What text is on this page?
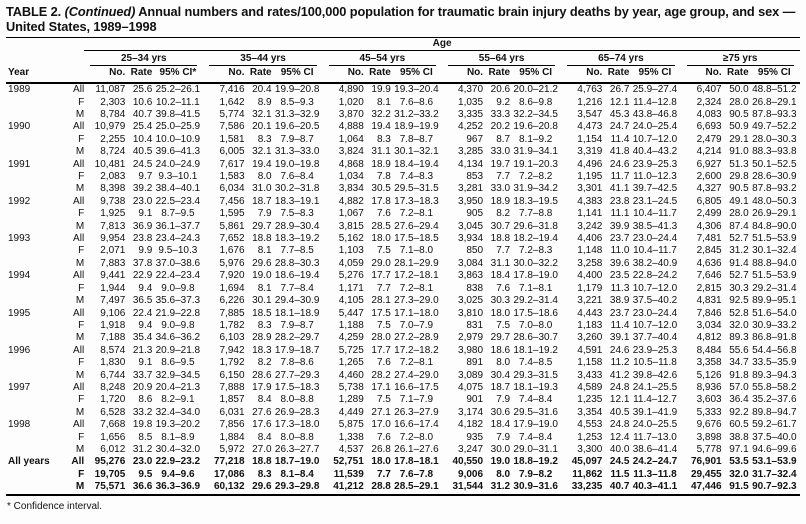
TABLE 2. (Continued) Annual numbers and rates/100,000 population for traumatic brain injury deaths by year, age group, and sex — United States, 1989–1998
		Age																	

		25–34 yrs			35–44 yrs			45–54 yrs			55–64 yrs			65–74 yrs			≥75 yrs		

Year		No.	Rate	95% CI*	No.	Rate	95% CI	No.	Rate	95% CI	No.	Rate	95% CI	No.	Rate	95% CI	No.	Rate	95% CI
1989	All	11,087	25.6	25.2–26.1	7,416	20.4	19.9–20.8	4,890	19.9	19.3–20.4	4,370	20.6	20.0–21.2	4,763	26.7	25.9–27.4	6,407	50.0	48.8–51.2
	F	2,303	10.6	10.2–11.1	1,642	8.9	8.5–9.3	1,020	8.1	7.6–8.6	1,035	9.2	8.6–9.8	1,216	12.1	11.4–12.8	2,324	28.0	26.8–29.1
	M	8,784	40.7	39.8–41.5	5,774	32.1	31.3–32.9	3,870	32.2	31.2–33.2	3,335	33.3	32.2–34.5	3,547	45.3	43.8–46.8	4,083	90.5	87.8–93.3
1990	All	10,979	25.4	25.0–25.9	7,586	20.1	19.6–20.5	4,888	19.4	18.9–19.9	4,252	20.2	19.6–20.8	4,473	24.7	24.0–25.4	6,693	50.9	49.7–52.2
	F	2,255	10.4	10.0–10.9	1,581	8.3	7.9–8.7	1,064	8.3	7.8–8.7	967	8.7	8.1–9.2	1,154	11.4	10.7–12.0	2,479	29.1	28.0–30.3
	M	8,724	40.5	39.6–41.3	6,005	32.1	31.3–33.0	3,824	31.1	30.1–32.1	3,285	33.0	31.9–34.1	3,319	41.8	40.4–43.2	4,214	91.0	88.3–93.8
1991	All	10,481	24.5	24.0–24.9	7,617	19.4	19.0–19.8	4,868	18.9	18.4–19.4	4,134	19.7	19.1–20.3	4,496	24.6	23.9–25.3	6,927	51.3	50.1–52.5
	F	2,083	9.7	9.3–10.1	1,583	8.0	7.6–8.4	1,034	7.8	7.4–8.3	853	7.7	7.2–8.2	1,195	11.7	11.0–12.3	2,600	29.8	28.6–30.9
	M	8,398	39.2	38.4–40.1	6,034	31.0	30.2–31.8	3,834	30.5	29.5–31.5	3,281	33.0	31.9–34.2	3,301	41.1	39.7–42.5	4,327	90.5	87.8–93.2
1992	All	9,738	23.0	22.5–23.4	7,456	18.7	18.3–19.1	4,882	17.8	17.3–18.3	3,950	18.9	18.3–19.5	4,383	23.8	23.1–24.5	6,805	49.1	48.0–50.3
	F	1,925	9.1	8.7–9.5	1,595	7.9	7.5–8.3	1,067	7.6	7.2–8.1	905	8.2	7.7–8.8	1,141	11.1	10.4–11.7	2,499	28.0	26.9–29.1
	M	7,813	36.9	36.1–37.7	5,861	29.7	28.9–30.4	3,815	28.5	27.6–29.4	3,045	30.7	29.6–31.8	3,242	39.9	38.5–41.3	4,306	87.4	84.8–90.0
1993	All	9,954	23.8	23.4–24.3	7,652	18.8	18.3–19.2	5,162	18.0	17.5–18.5	3,934	18.8	18.2–19.4	4,406	23.7	23.0–24.4	7,481	52.7	51.5–53.9
	F	2,071	9.9	9.5–10.3	1,676	8.1	7.7–8.5	1,103	7.5	7.1–8.0	850	7.7	7.2–8.3	1,148	11.0	10.4–11.7	2,845	31.2	30.1–32.4
	M	7,883	37.8	37.0–38.6	5,976	29.6	28.8–30.3	4,059	29.0	28.1–29.9	3,084	31.1	30.0–32.2	3,258	39.6	38.2–40.9	4,636	91.4	88.8–94.0
1994	All	9,441	22.9	22.4–23.4	7,920	19.0	18.6–19.4	5,276	17.7	17.2–18.1	3,863	18.4	17.8–19.0	4,400	23.5	22.8–24.2	7,646	52.7	51.5–53.9
	F	1,944	9.4	9.0–9.8	1,694	8.1	7.7–8.4	1,171	7.7	7.2–8.1	838	7.6	7.1–8.1	1,179	11.3	10.7–12.0	2,815	30.3	29.2–31.4
	M	7,497	36.5	35.6–37.3	6,226	30.1	29.4–30.9	4,105	28.1	27.3–29.0	3,025	30.3	29.2–31.4	3,221	38.9	37.5–40.2	4,831	92.5	89.9–95.1
1995	All	9,106	22.4	21.9–22.8	7,885	18.5	18.1–18.9	5,447	17.5	17.1–18.0	3,810	18.0	17.5–18.6	4,443	23.7	23.0–24.4	7,846	52.8	51.6–54.0
	F	1,918	9.4	9.0–9.8	1,782	8.3	7.9–8.7	1,188	7.5	7.0–7.9	831	7.5	7.0–8.0	1,183	11.4	10.7–12.0	3,034	32.0	30.9–33.2
	M	7,188	35.4	34.6–36.2	6,103	28.9	28.2–29.7	4,259	28.0	27.2–28.9	2,979	29.7	28.6–30.7	3,260	39.1	37.7–40.4	4,812	89.3	86.8–91.8
1996	All	8,574	21.3	20.9–21.8	7,942	18.3	17.9–18.7	5,725	17.7	17.2–18.2	3,980	18.6	18.1–19.2	4,591	24.6	23.9–25.3	8,484	55.6	54.4–56.8
	F	1,830	9.1	8.6–9.5	1,792	8.2	7.8–8.6	1,265	7.6	7.2–8.1	891	8.0	7.4–8.5	1,158	11.2	10.5–11.8	3,358	34.7	33.5–35.9
	M	6,744	33.7	32.9–34.5	6,150	28.6	27.7–29.3	4,460	28.2	27.4–29.0	3,089	30.4	29.3–31.5	3,433	41.2	39.8–42.6	5,126	91.8	89.3–94.3
1997	All	8,248	20.9	20.4–21.3	7,888	17.9	17.5–18.3	5,738	17.1	16.6–17.5	4,075	18.7	18.1–19.3	4,589	24.8	24.1–25.5	8,936	57.0	55.8–58.2
	F	1,720	8.6	8.2–9.1	1,857	8.4	8.0–8.8	1,289	7.5	7.1–7.9	901	7.9	7.4–8.4	1,235	12.1	11.4–12.7	3,603	36.4	35.2–37.6
	M	6,528	33.2	32.4–34.0	6,031	27.6	26.9–28.3	4,449	27.1	26.3–27.9	3,174	30.6	29.5–31.6	3,354	40.5	39.1–41.9	5,333	92.2	89.8–94.7
1998	All	7,668	19.8	19.3–20.2	7,856	17.6	17.3–18.0	5,875	17.0	16.6–17.4	4,182	18.4	17.9–19.0	4,553	24.8	24.0–25.5	9,676	60.5	59.2–61.7
	F	1,656	8.5	8.1–8.9	1,884	8.4	8.0–8.8	1,338	7.6	7.2–8.0	935	7.9	7.4–8.4	1,253	12.4	11.7–13.0	3,898	38.8	37.5–40.0
	M	6,012	31.2	30.4–32.0	5,972	27.0	26.3–27.7	4,537	26.8	26.1–27.6	3,247	30.0	29.0–31.1	3,300	40.0	38.6–41.4	5,778	97.1	94.6–99.6
All years	All	95,276	23.0	22.9–23.2	77,218	18.8	18.7–19.0	52,751	18.0	17.8–18.1	40,550	19.0	18.8–19.2	45,097	24.5	24.2–24.7	76,901	53.5	53.1–53.9
	F	19,705	9.5	9.4–9.6	17,086	8.3	8.1–8.4	11,539	7.7	7.6–7.8	9,006	8.0	7.9–8.2	11,862	11.5	11.3–11.8	29,455	32.0	31.7–32.4
	M	75,571	36.6	36.3–36.9	60,132	29.6	29.3–29.8	41,212	28.8	28.5–29.1	31,544	31.2	30.9–31.6	33,235	40.7	40.3–41.1	47,446	91.5	90.7–92.3
* Confidence interval.
